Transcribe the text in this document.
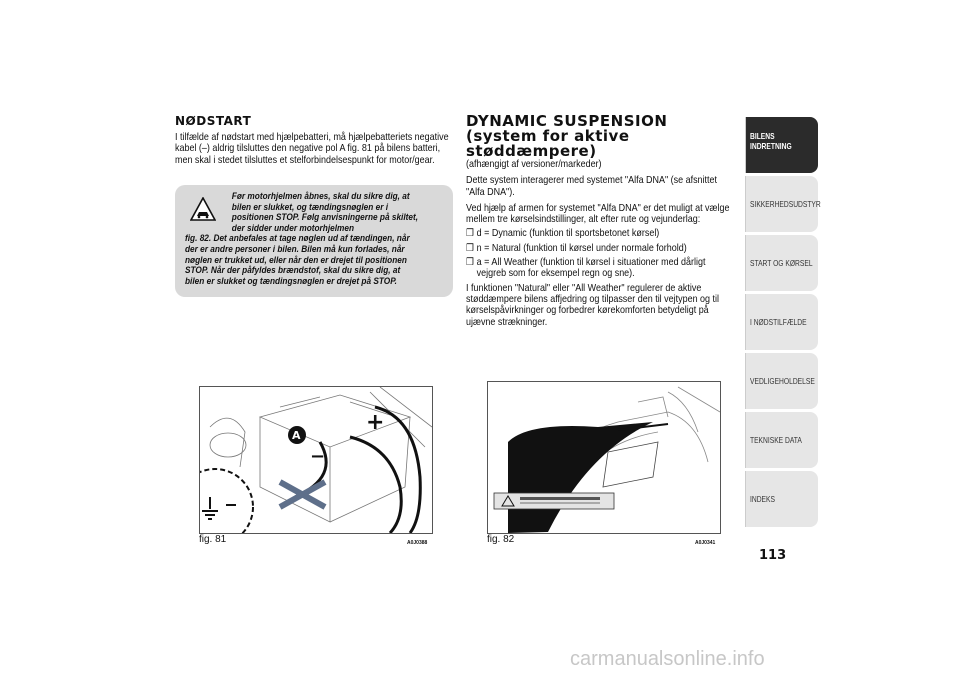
NØDSTART

I tilfælde af nødstart med hjælpebatteri, må hjælpebatteriets negative kabel (–) aldrig tilsluttes den negative pol A fig. 81 på bilens batteri, men skal i stedet tilsluttes et stelforbindelsespunkt for motor/gear.

Før motorhjelmen åbnes, skal du sikre dig, at bilen er slukket, og tændingsnøglen er i positionen STOP. Følg anvisningerne på skiltet, der sidder under motorhjelmen
fig. 82. Det anbefales at tage nøglen ud af tændingen, når der er andre personer i bilen. Bilen må kun forlades, når nøglen er trukket ud, eller når den er drejet til positionen STOP. Når der påfyldes brændstof, skal du sikre dig, at bilen er slukket og tændingsnøglen er drejet på STOP.
DYNAMIC SUSPENSION (system for aktive støddæmpere)

(afhængigt af versioner/markeder)

Dette system interagerer med systemet "Alfa DNA" (se afsnittet "Alfa DNA").

Ved hjælp af armen for systemet "Alfa DNA" er det muligt at vælge mellem tre kørselsindstillinger, alt efter rute og vejunderlag:

❒ d = Dynamic (funktion til sportsbetonet kørsel)
❒ n = Natural (funktion til kørsel under normale forhold)
❒ a = All Weather (funktion til kørsel i situationer med dårligt vejgreb som for eksempel regn og sne).

I funktionen "Natural" eller "All Weather" regulerer de aktive støddæmpere bilens affjedring og tilpasser den til vejtypen og til kørselspåvirkninger og forbedrer kørekomforten betydeligt på ujævne strækninger.

A
+
−
fig. 81	A0J0388	fig. 82	A0J0341
BILENS INDRETNING
SIKKERHEDSUDSTYR
START OG KØRSEL
I NØDSTILFÆLDE
VEDLIGEHOLDELSE
TEKNISKE DATA
INDEKS
113
carmanualsonline.info
